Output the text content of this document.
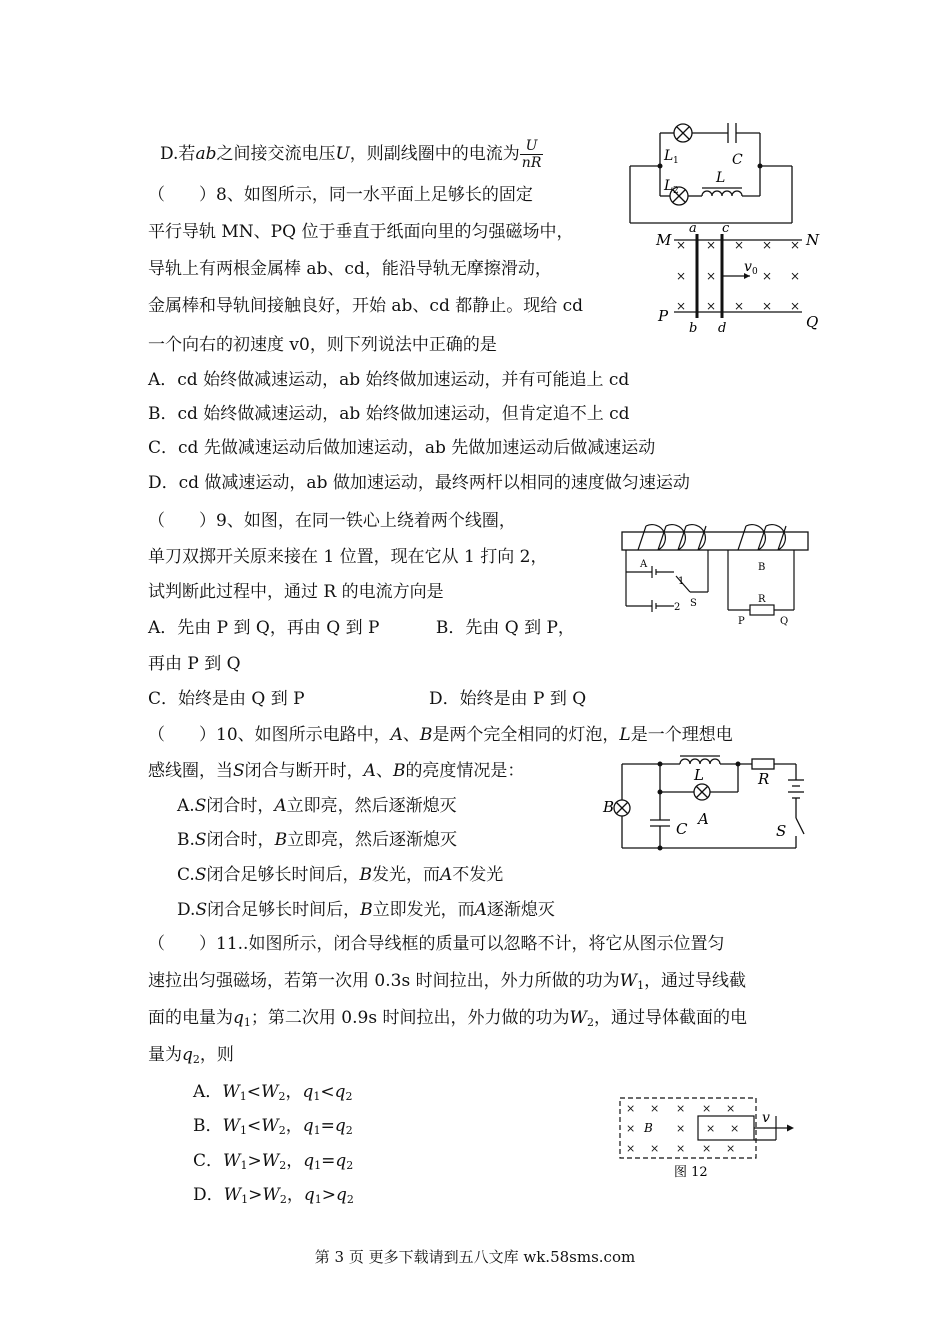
D.若ab之间接交流电压U，则副线圈中的电流为 $\frac{U}{nR}$
（　　）8、如图所示，同一水平面上足够长的固定
平行导轨 MN、PQ 位于垂直于纸面向里的匀强磁场中，
导轨上有两根金属棒 ab、cd，能沿导轨无摩擦滑动，
金属棒和导轨间接触良好，开始 ab、cd 都静止。现给 cd
一个向右的初速度 v0，则下列说法中正确的是
A．cd 始终做减速运动，ab 始终做加速运动，并有可能追上 cd
B．cd 始终做减速运动，ab 始终做加速运动，但肯定追不上 cd
C．cd 先做减速运动后做加速运动，ab 先做加速运动后做减速运动
D．cd 做减速运动，ab 做加速运动，最终两杆以相同的速度做匀速运动
（　　）9、如图，在同一铁心上绕着两个线圈，
单刀双掷开关原来接在 1 位置，现在它从 1 打向 2，
试判断此过程中，通过 R 的电流方向是
A．先由 P 到 Q，再由 Q 到 P　　　 B．先由 Q 到 P，
再由 P 到 Q
C．始终是由 Q 到 P　　　　　　　 D．始终是由 P 到 Q
（　　）10、如图所示电路中，A、B是两个完全相同的灯泡，L是一个理想电
感线圈，当S闭合与断开时，A、B的亮度情况是：
A.S闭合时，A立即亮，然后逐渐熄灭
B.S闭合时，B立即亮，然后逐渐熄灭
C.S闭合足够长时间后，B发光，而A不发光
D.S闭合足够长时间后，B立即发光，而A逐渐熄灭
（　　）11..如图所示，闭合导线框的质量可以忽略不计，将它从图示位置匀
速拉出匀强磁场，若第一次用 0.3s 时间拉出，外力所做的功为$W_1$，通过导线截
面的电量为$q_1$；第二次用 0.9s 时间拉出，外力做的功为$W_2$，通过导体截面的电
量为$q_2$，则
A．$W_1<W_2$，$q_1<q_2$
B．$W_1<W_2$，$q_1=q_2$
C．$W_1>W_2$，$q_1=q_2$
D．$W_1>W_2$，$q_1>q_2$
L 1
L 2
C
L
× × × × ×
× ×	× ×
× × × × ×
v 0
M	N
P	Q
a c
b d
A
1
2 S
B
R
P	Q
L	R
B
A
C	S
× × × × ×
×	× × ×
× × × × ×
B
v
图 12
第 3 页 更多下载请到五八文库 wk.58sms.com
